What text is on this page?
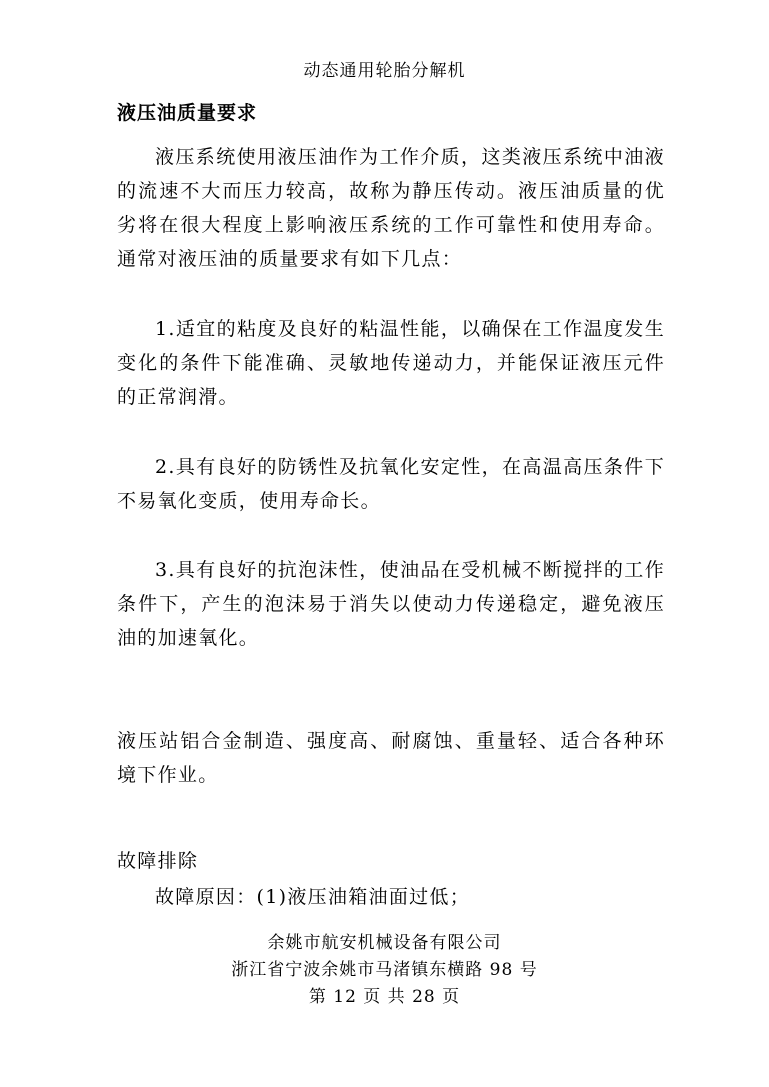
动态通用轮胎分解机
液压油质量要求
液压系统使用液压油作为工作介质，这类液压系统中油液的流速不大而压力较高，故称为静压传动。液压油质量的优劣将在很大程度上影响液压系统的工作可靠性和使用寿命。通常对液压油的质量要求有如下几点：
1.适宜的粘度及良好的粘温性能，以确保在工作温度发生变化的条件下能准确、灵敏地传递动力，并能保证液压元件的正常润滑。
2.具有良好的防锈性及抗氧化安定性，在高温高压条件下不易氧化变质，使用寿命长。
3.具有良好的抗泡沫性，使油品在受机械不断搅拌的工作条件下，产生的泡沫易于消失以使动力传递稳定，避免液压油的加速氧化。
液压站铝合金制造、强度高、耐腐蚀、重量轻、适合各种环境下作业。
故障排除
故障原因：(1)液压油箱油面过低；
余姚市航安机械设备有限公司
浙江省宁波余姚市马渚镇东横路 98 号
第 12 页 共 28 页
